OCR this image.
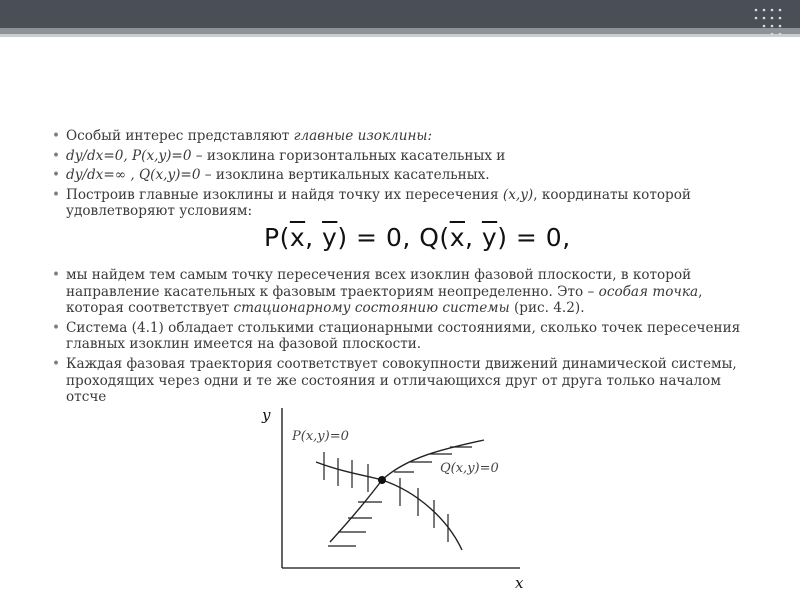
• Особый интерес представляют главные изоклины:
• dy/dx=0, P(x,y)=0 – изоклина горизонтальных касательных и
• dy/dx=∞ , Q(x,y)=0 – изоклина вертикальных касательных.
• Построив главные изоклины и найдя точку их пересечения (x,y), координаты которой удовлетворяют условиям:
$P(\overline{x}$, $\overline{y}) = 0$, $Q(\overline{x}$, $\overline{y}) = 0$,
• мы найдем тем самым точку пересечения всех изоклин фазовой плоскости, в которой направление касательных к фазовым траекториям неопределенно. Это – особая точка, которая соответствует стационарному состоянию системы (рис. 4.2).
• Система (4.1) обладает столькими стационарными состояниями, сколько точек пересечения главных изоклин имеется на фазовой плоскости.
• Каждая фазовая траектория соответствует совокупности движений динамической системы, проходящих через одни и те же состояния и отличающихся друг от друга только началом отсче
y
x
P(x,y)=0
Q(x,y)=0
